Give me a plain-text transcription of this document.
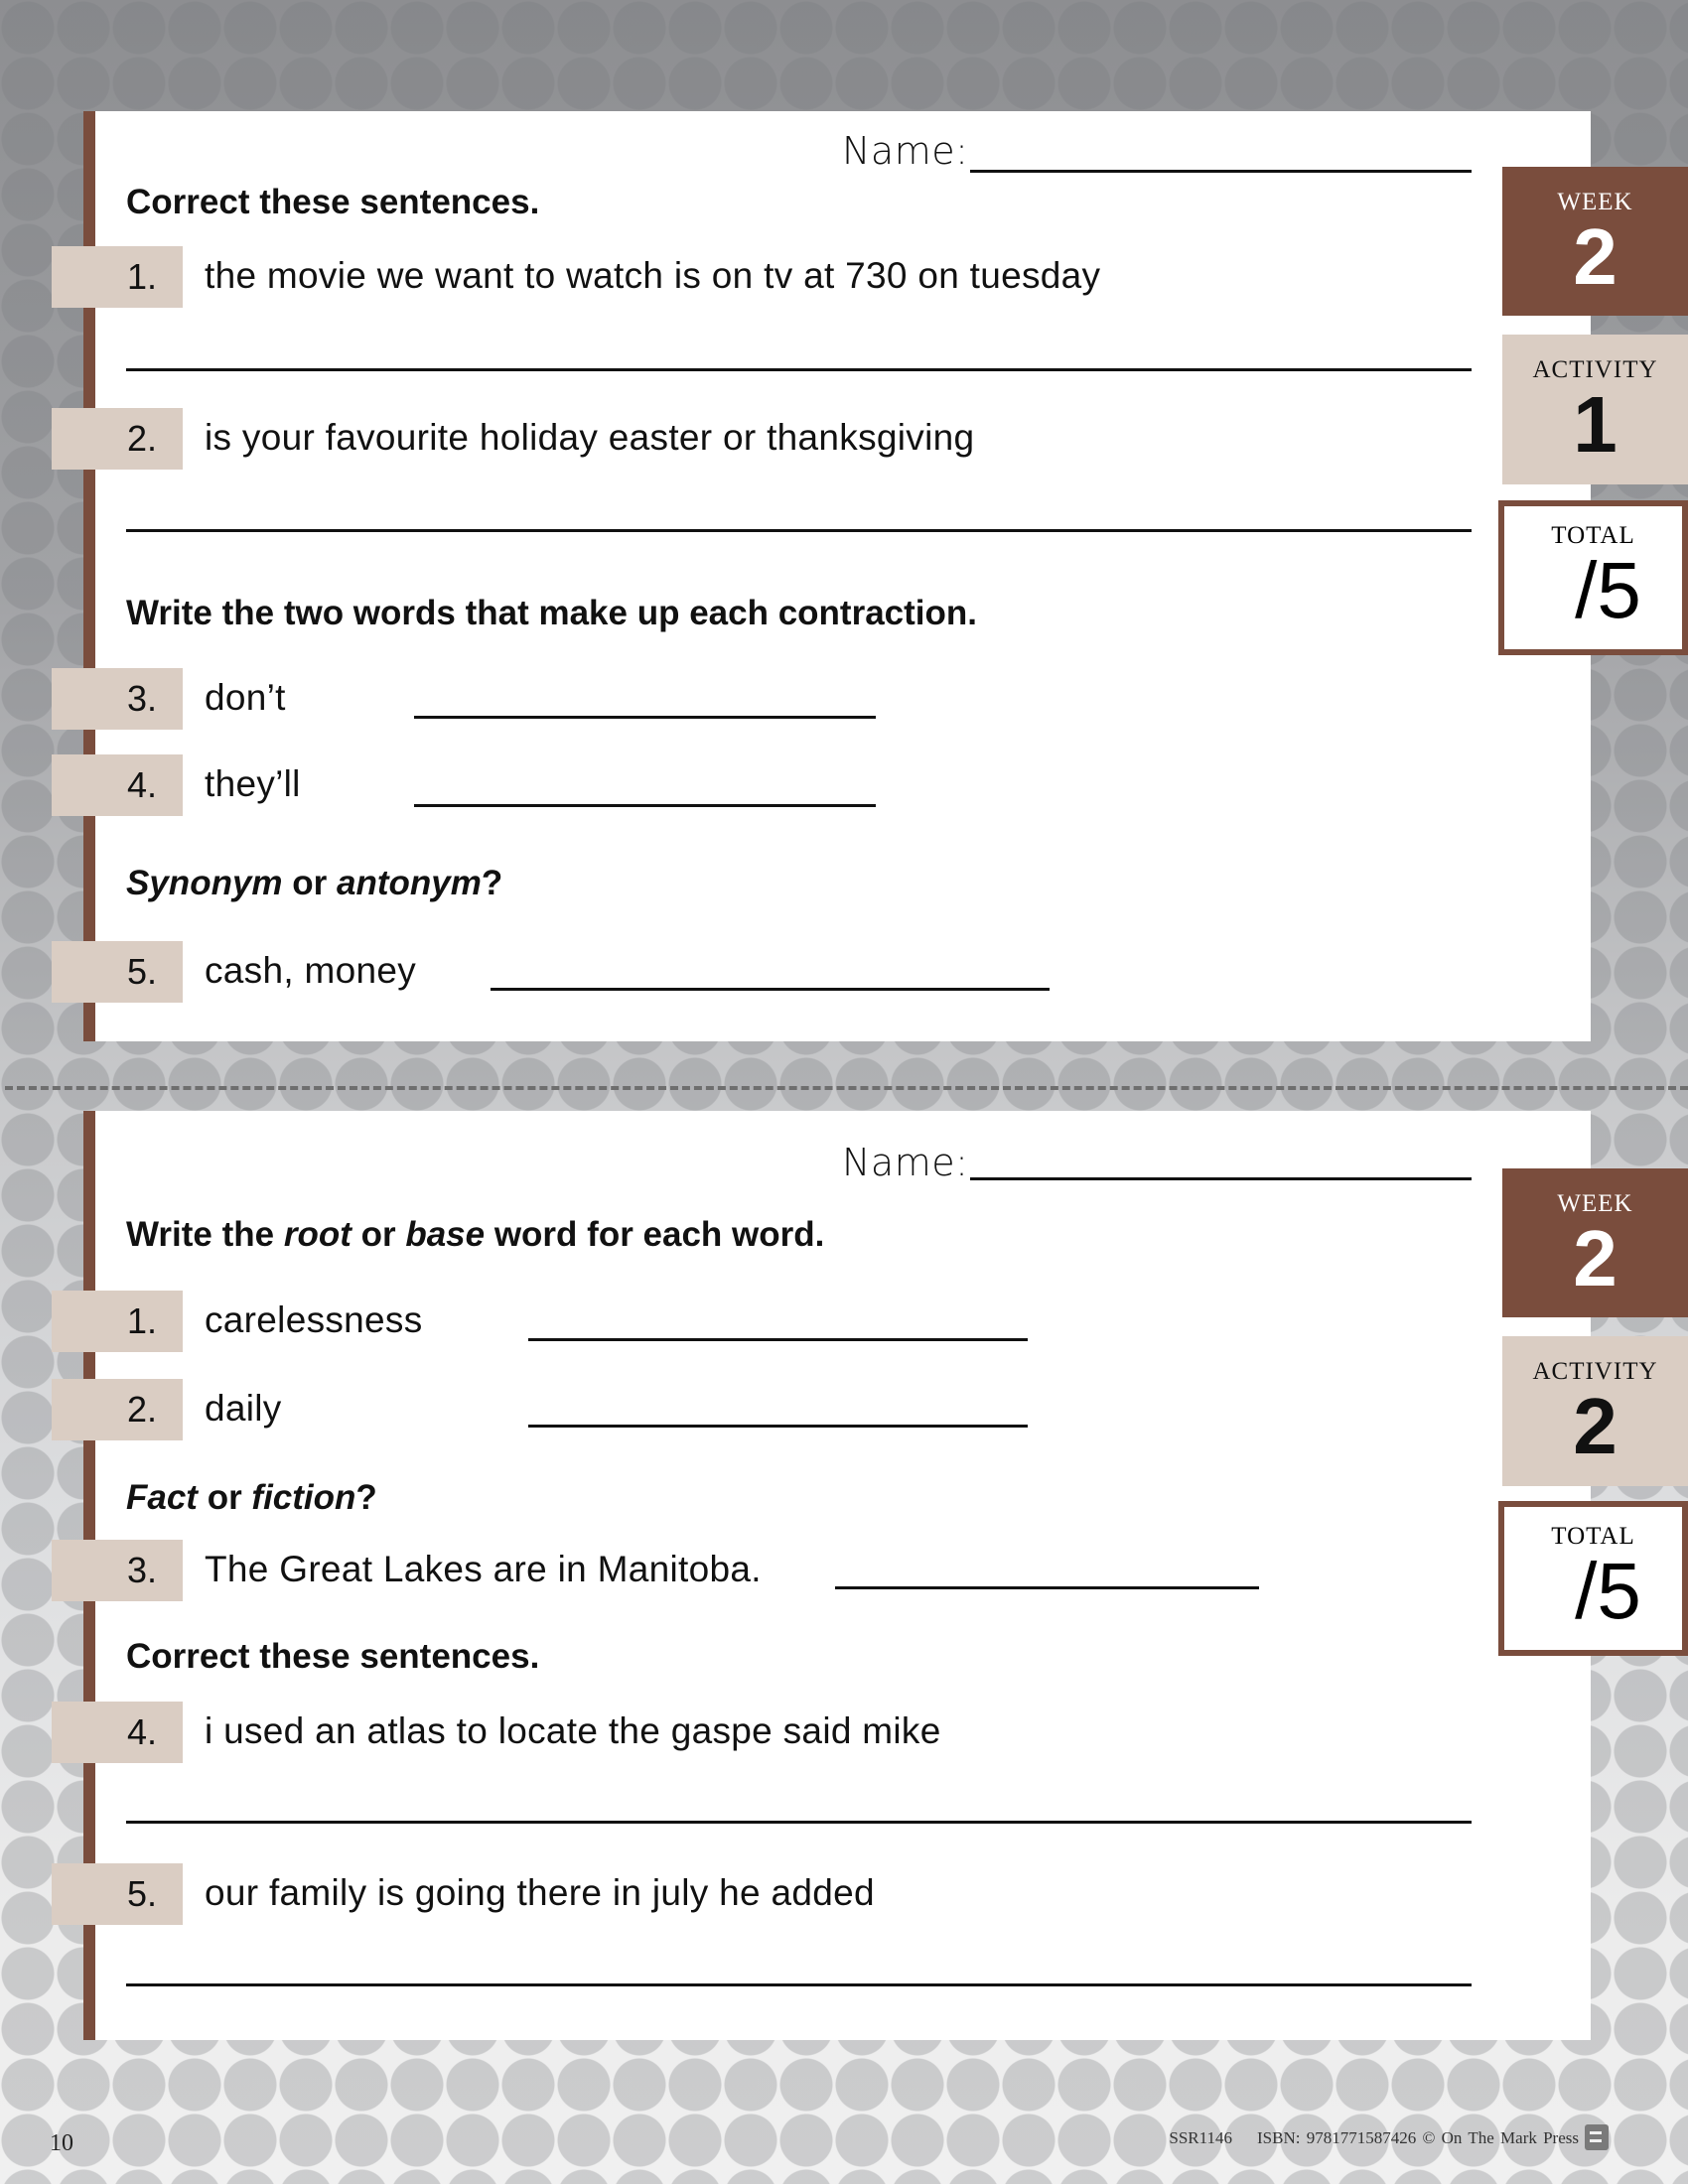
Name:
Correct these sentences.
1.	the movie we want to watch is on tv at 730 on tuesday
2.	is your favourite holiday easter or thanksgiving
Write the two words that make up each contraction.
3.	don’t
4.	they’ll
Synonym or antonym?
5.	cash, money
WEEK
2
ACTIVITY
1
TOTAL
/5
Name:
Write the root or base word for each word.
1.	carelessness
2.	daily
Fact or fiction?
3.	The Great Lakes are in Manitoba.
Correct these sentences.
4.	i used an atlas to locate the gaspe said mike
5.	our family is going there in july he added
WEEK
2
ACTIVITY
2
TOTAL
/5
10	SSR1146    ISBN: 9781771587426 © On The Mark Press
